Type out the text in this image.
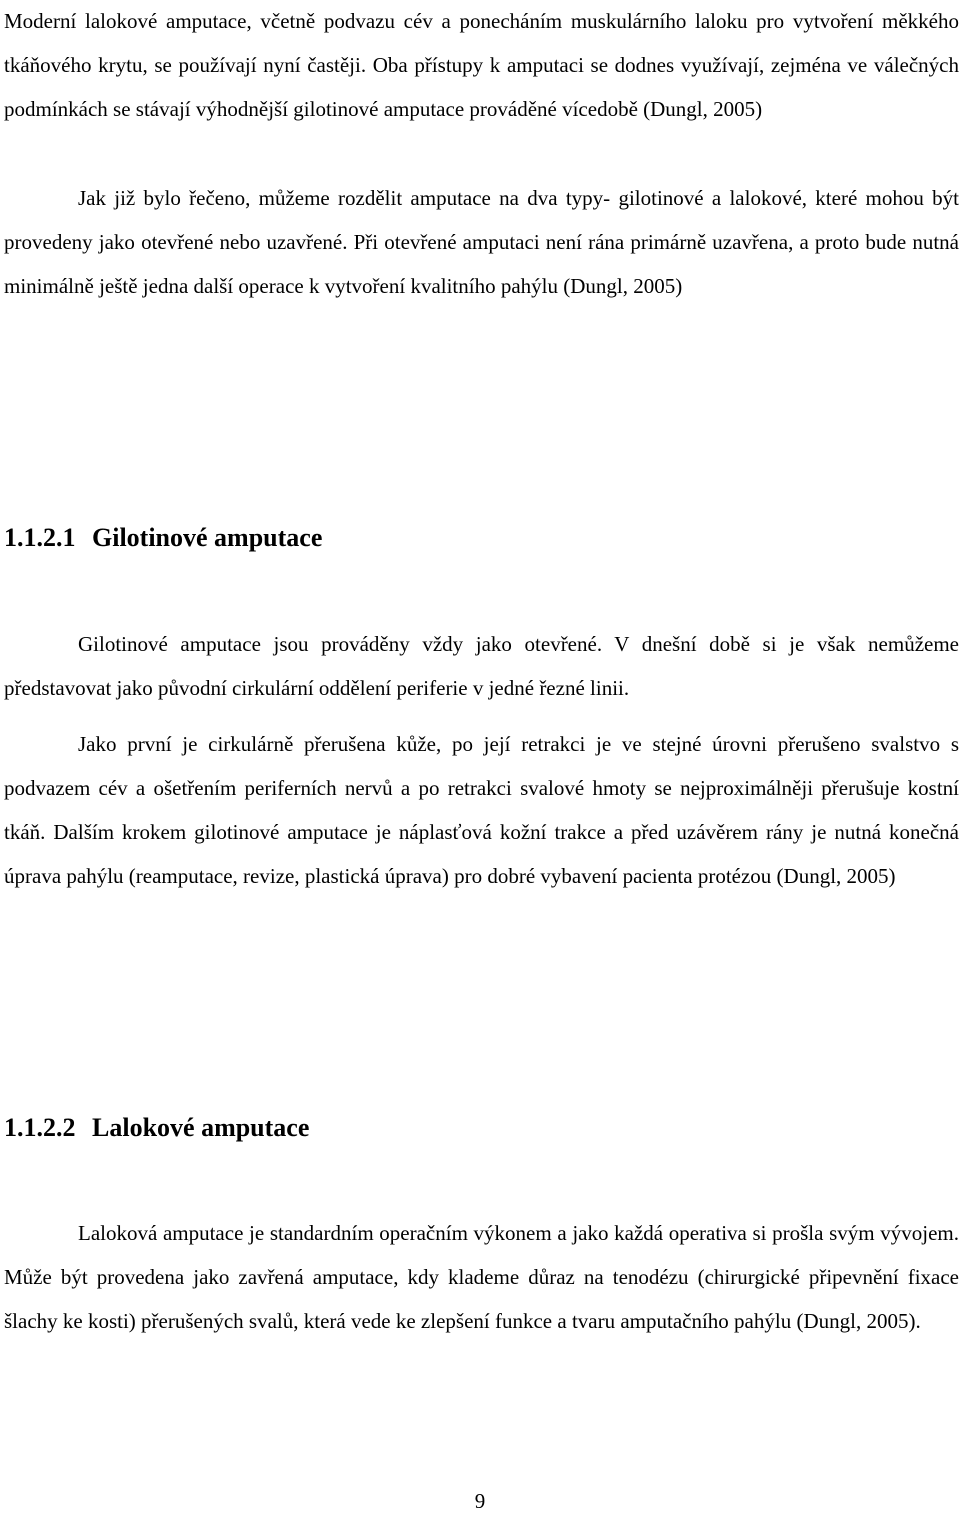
Moderní lalokové amputace, včetně podvazu cév a ponecháním muskulárního laloku pro vytvoření měkkého tkáňového krytu, se používají nyní častěji. Oba přístupy k amputaci se dodnes využívají, zejména ve válečných podmínkách se stávají výhodnější gilotinové amputace prováděné vícedobě (Dungl, 2005)

Jak již bylo řečeno, můžeme rozdělit amputace na dva typy- gilotinové a lalokové, které mohou být provedeny jako otevřené nebo uzavřené. Při otevřené amputaci není rána primárně uzavřena, a proto bude nutná minimálně ještě jedna další operace k vytvoření kvalitního pahýlu (Dungl, 2005)

1.1.2.1 Gilotinové amputace

Gilotinové amputace jsou prováděny vždy jako otevřené. V dnešní době si je však nemůžeme představovat jako původní cirkulární oddělení periferie v jedné řezné linii.

Jako první je cirkulárně přerušena kůže, po její retrakci je ve stejné úrovni přerušeno svalstvo s podvazem cév a ošetřením periferních nervů a po retrakci svalové hmoty se nejproximálněji přerušuje kostní tkáň. Dalším krokem gilotinové amputace je náplasťová kožní trakce a před uzávěrem rány je nutná konečná úprava pahýlu (reamputace, revize, plastická úprava) pro dobré vybavení pacienta protézou (Dungl, 2005)

1.1.2.2 Lalokové amputace

Laloková amputace je standardním operačním výkonem a jako každá operativa si prošla svým vývojem. Může být provedena jako zavřená amputace, kdy klademe důraz na tenodézu (chirurgické připevnění fixace šlachy ke kosti) přerušených svalů, která vede ke zlepšení funkce a tvaru amputačního pahýlu (Dungl, 2005).

9
